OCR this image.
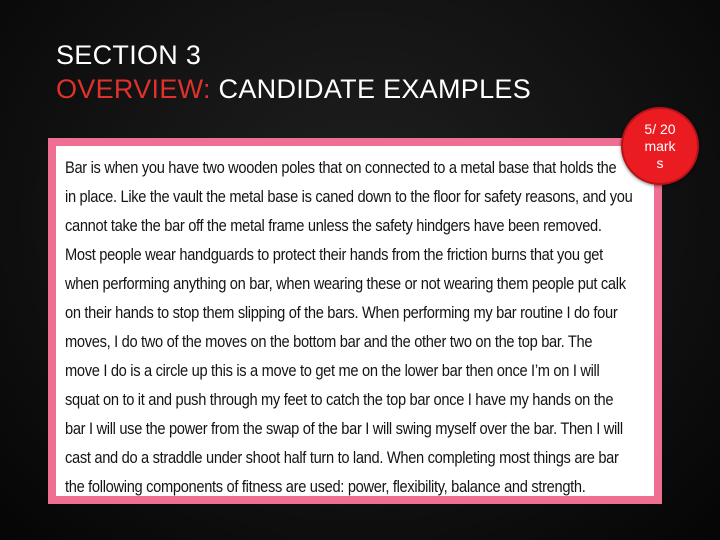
SECTION 3
OVERVIEW: CANDIDATE EXAMPLES
Bar is when you have two wooden poles that on connected to a metal base that holds the
in place. Like the vault the metal base is caned down to the floor for safety reasons, and you
cannot take the bar off the metal frame unless the safety hindgers have been removed.
Most people wear handguards to protect their hands from the friction burns that you get
when performing anything on bar, when wearing these or not wearing them people put calk
on their hands to stop them slipping of the bars. When performing my bar routine I do four
moves, I do two of the moves on the bottom bar and the other two on the top bar. The
move I do is a circle up this is a move to get me on the lower bar then once I’m on I will
squat on to it and push through my feet to catch the top bar once I have my hands on the
bar I will use the power from the swap of the bar I will swing myself over the bar. Then I will
cast and do a straddle under shoot half turn to land. When completing most things are bar
the following components of fitness are used: power, flexibility, balance and strength.
5/ 20
mark
s
